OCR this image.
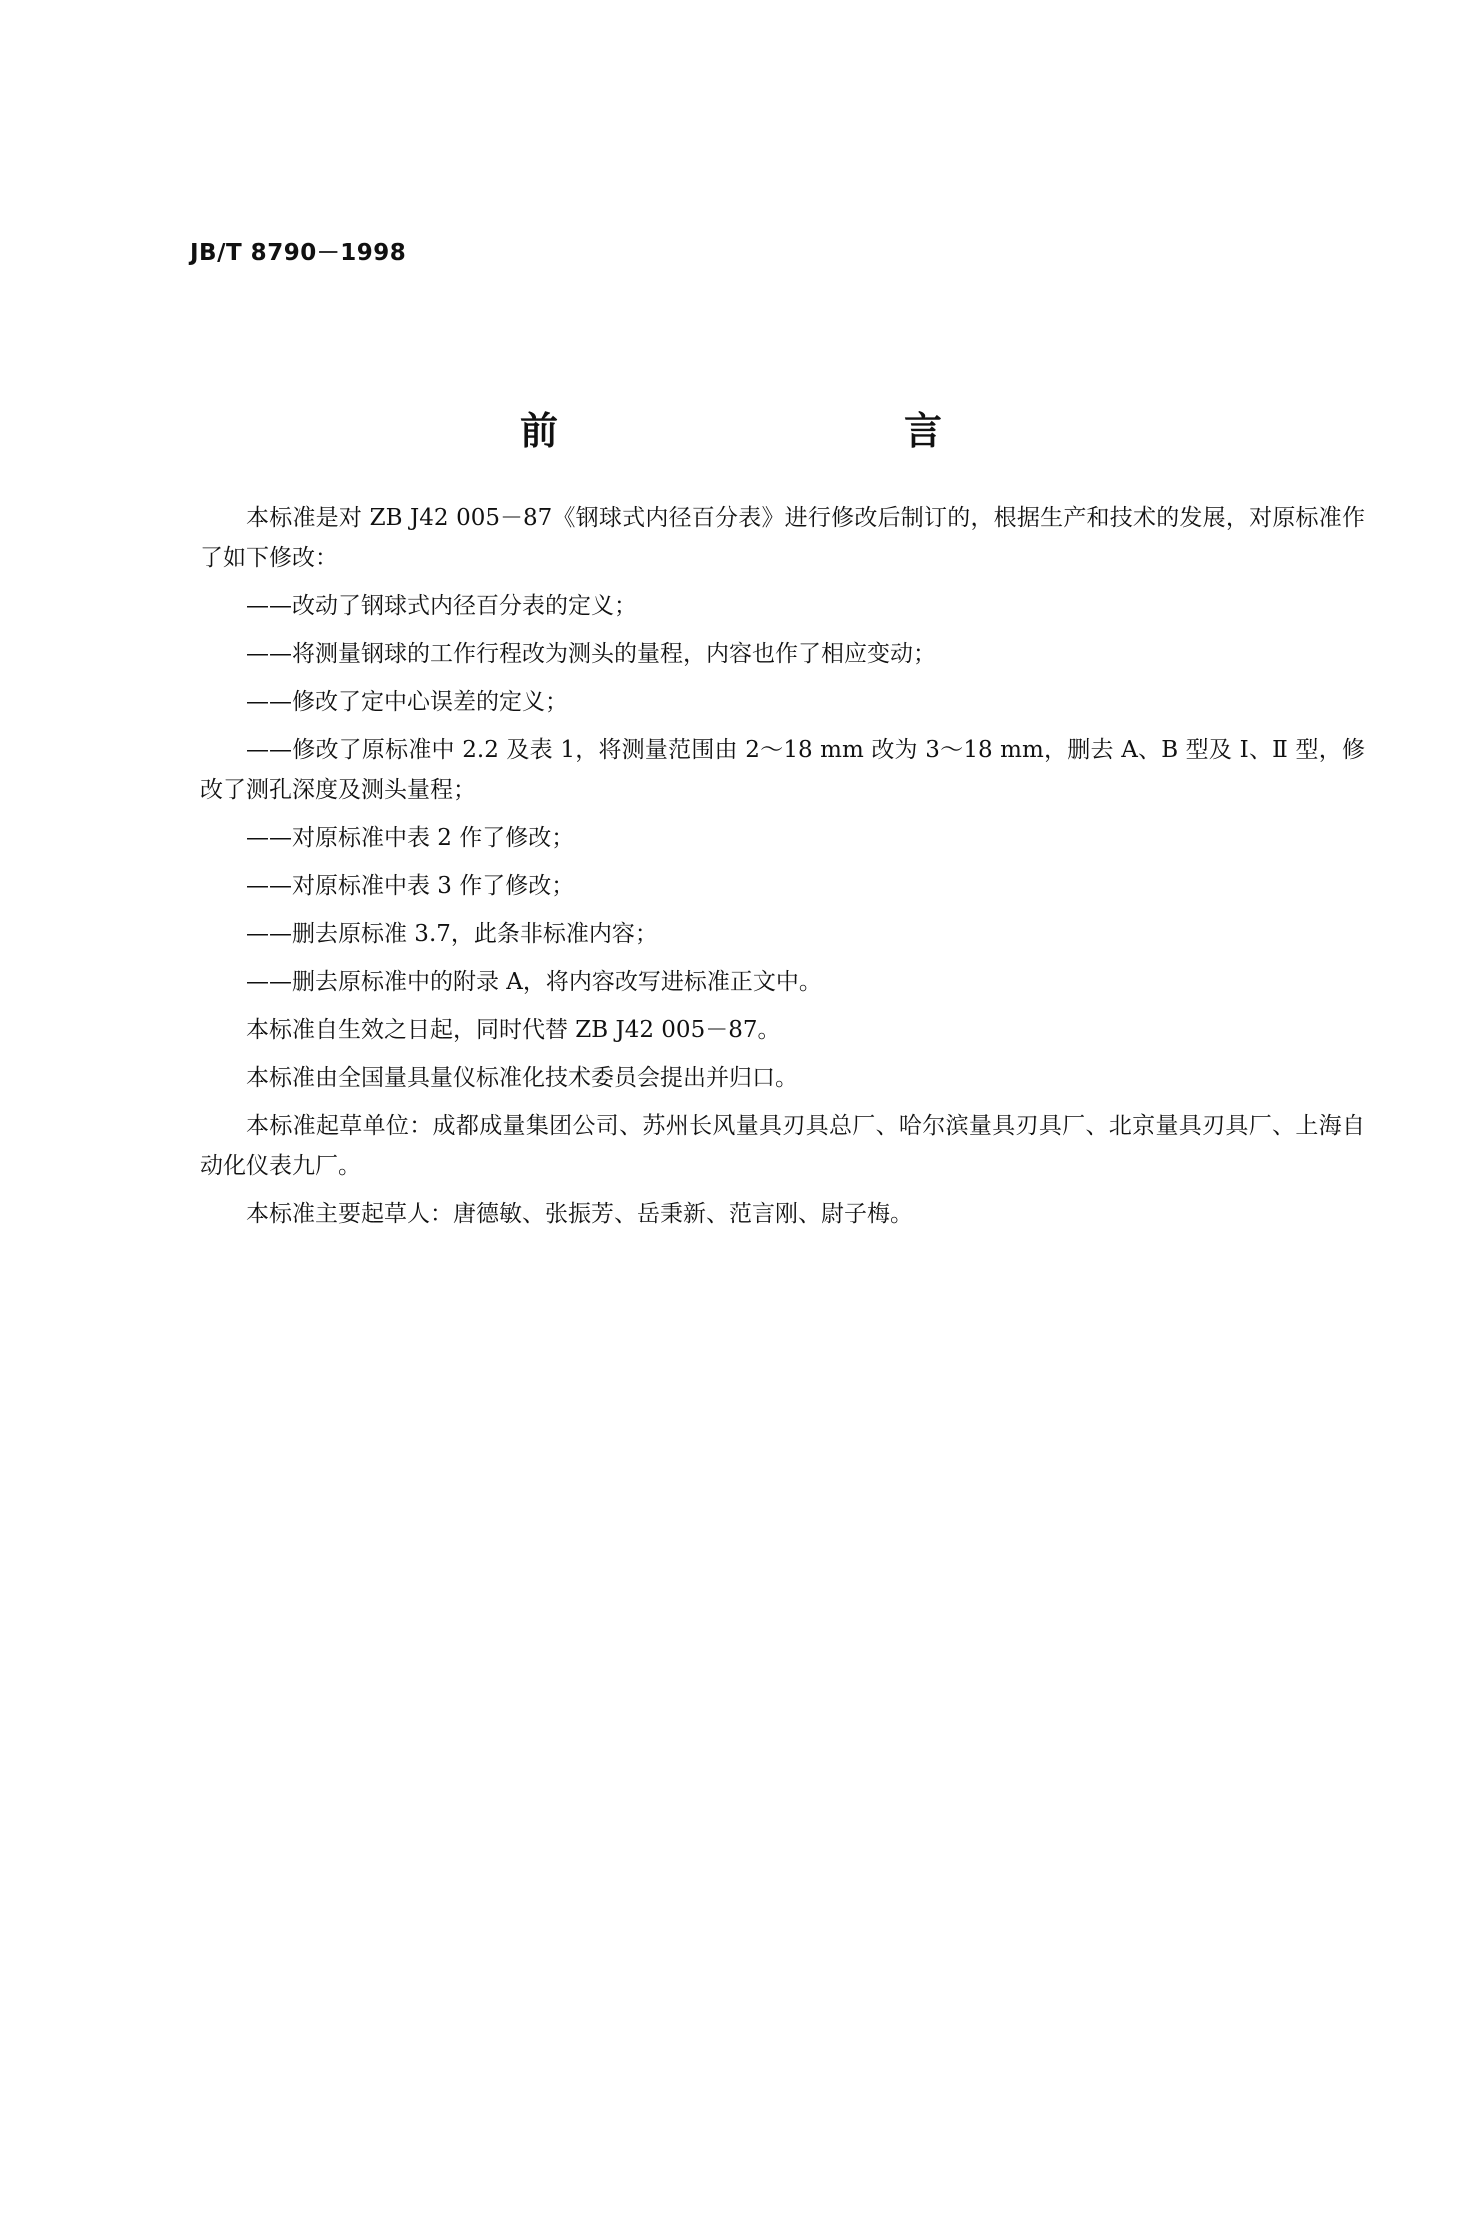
JB/T 8790－1998
前　　言

本标准是对 ZB J42 005－87《钢球式内径百分表》进行修改后制订的，根据生产和技术的发展，对原标准作了如下修改：

——改动了钢球式内径百分表的定义；

——将测量钢球的工作行程改为测头的量程，内容也作了相应变动；

——修改了定中心误差的定义；

——修改了原标准中 2.2 及表 1，将测量范围由 2～18 mm 改为 3～18 mm，删去 A、B 型及 Ⅰ、Ⅱ 型，修改了测孔深度及测头量程；

——对原标准中表 2 作了修改；

——对原标准中表 3 作了修改；

——删去原标准 3.7，此条非标准内容；

——删去原标准中的附录 A，将内容改写进标准正文中。

本标准自生效之日起，同时代替 ZB J42 005－87。

本标准由全国量具量仪标准化技术委员会提出并归口。

本标准起草单位：成都成量集团公司、苏州长风量具刃具总厂、哈尔滨量具刃具厂、北京量具刃具厂、上海自动化仪表九厂。

本标准主要起草人：唐德敏、张振芳、岳秉新、范言刚、尉子梅。
